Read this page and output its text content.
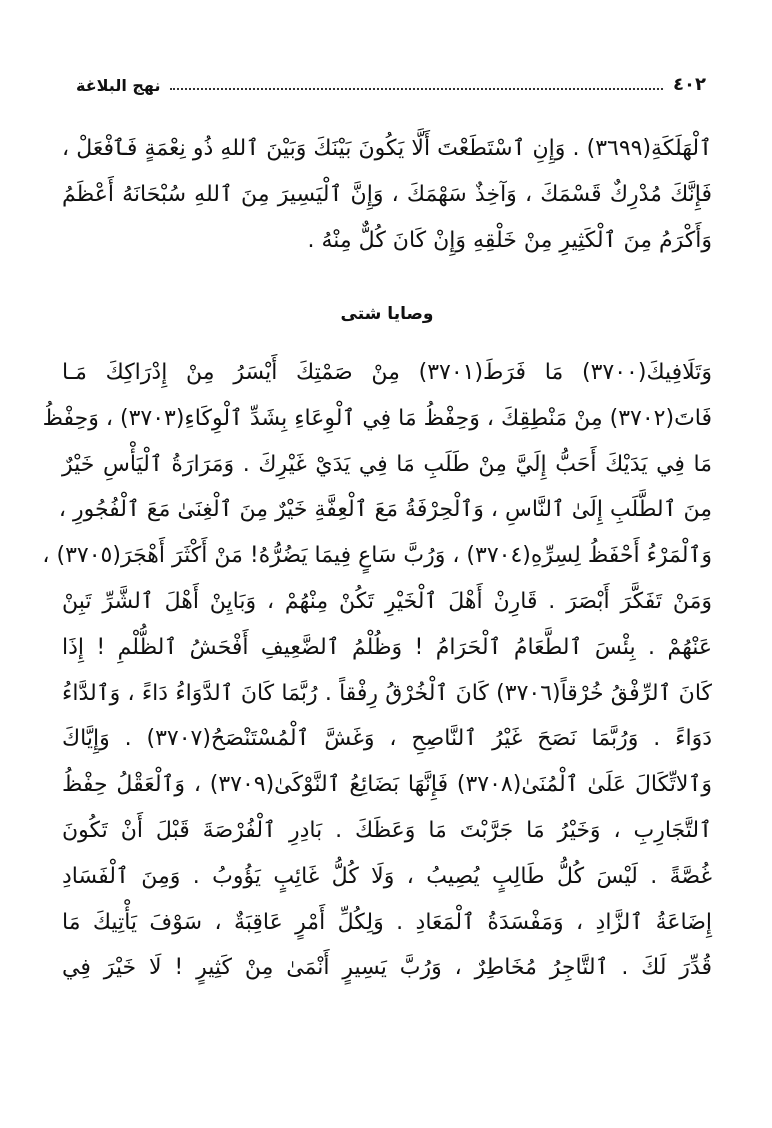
نهج البلاغة	٤٠٢
ٱلْهَلَكَةِ(٣٦٩٩) . وَإِنِ ٱسْتَطَعْتَ أَلَّا يَكُونَ بَيْنَكَ وَبَيْنَ ٱللهِ ذُو نِعْمَةٍ فَٱفْعَلْ ،
فَإِنَّكَ مُدْرِكٌ قَسْمَكَ ، وَآخِذٌ سَهْمَكَ ، وَإِنَّ ٱلْيَسِيرَ مِنَ ٱللهِ سُبْحَانَهُ أَعْظَمُ
وَأَكْرَمُ مِنَ ٱلْكَثِيرِ مِنْ خَلْقِهِ وَإِنْ كَانَ كُلٌّ مِنْهُ .
وصايا شتى
وَتَلَافِيكَ(٣٧٠٠) مَا فَرَطَ(٣٧٠١) مِنْ صَمْتِكَ أَيْسَرُ مِنْ إِدْرَاكِكَ مَـا
فَاتَ(٣٧٠٢) مِنْ مَنْطِقِكَ ، وَحِفْظُ مَا فِي ٱلْوِعَاءِ بِشَدِّ ٱلْوِكَاءِ(٣٧٠٣) ، وَحِفْظُ
مَا فِي يَدَيْكَ أَحَبُّ إِلَيَّ مِنْ طَلَبِ مَا فِي يَدَيْ غَيْرِكَ . وَمَرَارَةُ ٱلْيَأْسِ خَيْرٌ
مِنَ ٱلطَّلَبِ إِلَىٰ ٱلنَّاسِ ، وَٱلْحِرْفَةُ مَعَ ٱلْعِفَّةِ خَيْرٌ مِنَ ٱلْغِنَىٰ مَعَ ٱلْفُجُورِ ،
وَٱلْمَرْءُ أَحْفَظُ لِسِرِّهِ(٣٧٠٤) ، وَرُبَّ سَاعٍ فِيمَا يَضُرُّهُ! مَنْ أَكْثَرَ أَهْجَرَ(٣٧٠٥) ،
وَمَنْ تَفَكَّرَ أَبْصَرَ . قَارِنْ أَهْلَ ٱلْخَيْرِ تَكُنْ مِنْهُمْ ، وَبَايِنْ أَهْلَ ٱلشَّرِّ تَبِنْ
عَنْهُمْ . بِئْسَ ٱلطَّعَامُ ٱلْحَرَامُ ! وَظُلْمُ ٱلضَّعِيفِ أَفْحَشُ ٱلظُّلْمِ ! إِذَا
كَانَ ٱلرِّفْقُ خُرْقاً(٣٧٠٦) كَانَ ٱلْخُرْقُ رِفْقاً . رُبَّمَا كَانَ ٱلدَّوَاءُ دَاءً ، وَٱلدَّاءُ
دَوَاءً . وَرُبَّمَا نَصَحَ غَيْرُ ٱلنَّاصِحِ ، وَغَشَّ ٱلْمُسْتَنْصَحُ(٣٧٠٧) . وَإِيَّاكَ
وَٱلاتِّكَالَ عَلَىٰ ٱلْمُنَىٰ(٣٧٠٨) فَإِنَّهَا بَضَائِعُ ٱلنَّوْكَىٰ(٣٧٠٩) ، وَٱلْعَقْلُ حِفْظُ
ٱلتَّجَارِبِ ، وَخَيْرُ مَا جَرَّبْتَ مَا وَعَظَكَ . بَادِرِ ٱلْفُرْصَةَ قَبْلَ أَنْ تَكُونَ
غُصَّةً . لَيْسَ كُلُّ طَالِبٍ يُصِيبُ ، وَلَا كُلُّ غَائِبٍ يَؤُوبُ . وَمِنَ ٱلْفَسَادِ
إِضَاعَةُ ٱلزَّادِ ، وَمَفْسَدَةُ ٱلْمَعَادِ . وَلِكُلِّ أَمْرٍ عَاقِبَةٌ ، سَوْفَ يَأْتِيكَ مَا
قُدِّرَ لَكَ . ٱلتَّاجِرُ مُخَاطِرٌ ، وَرُبَّ يَسِيرٍ أَنْمَىٰ مِنْ كَثِيرٍ ! لَا خَيْرَ فِي
